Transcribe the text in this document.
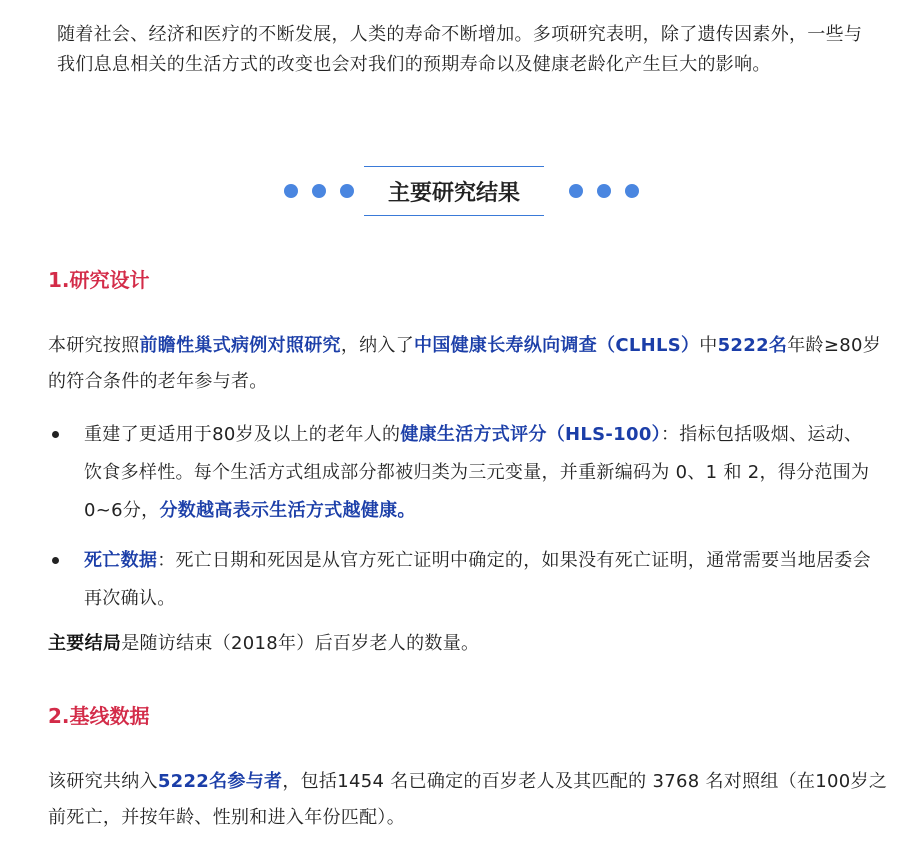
随着社会、经济和医疗的不断发展，人类的寿命不断增加。多项研究表明，除了遗传因素外，一些与我们息息相关的生活方式的改变也会对我们的预期寿命以及健康老龄化产生巨大的影响。
主要研究结果
1.研究设计
本研究按照前瞻性巢式病例对照研究，纳入了中国健康长寿纵向调查（CLHLS）中5222名年龄≥80岁的符合条件的老年参与者。
重建了更适用于80岁及以上的老年人的健康生活方式评分（HLS-100）：指标包括吸烟、运动、饮食多样性。每个生活方式组成部分都被归类为三元变量，并重新编码为 0、1 和 2，得分范围为0~6分，分数越高表示生活方式越健康。
死亡数据：死亡日期和死因是从官方死亡证明中确定的，如果没有死亡证明，通常需要当地居委会再次确认。
主要结局是随访结束（2018年）后百岁老人的数量。
2.基线数据
该研究共纳入5222名参与者，包括1454 名已确定的百岁老人及其匹配的 3768 名对照组（在100岁之前死亡，并按年龄、性别和进入年份匹配）。
